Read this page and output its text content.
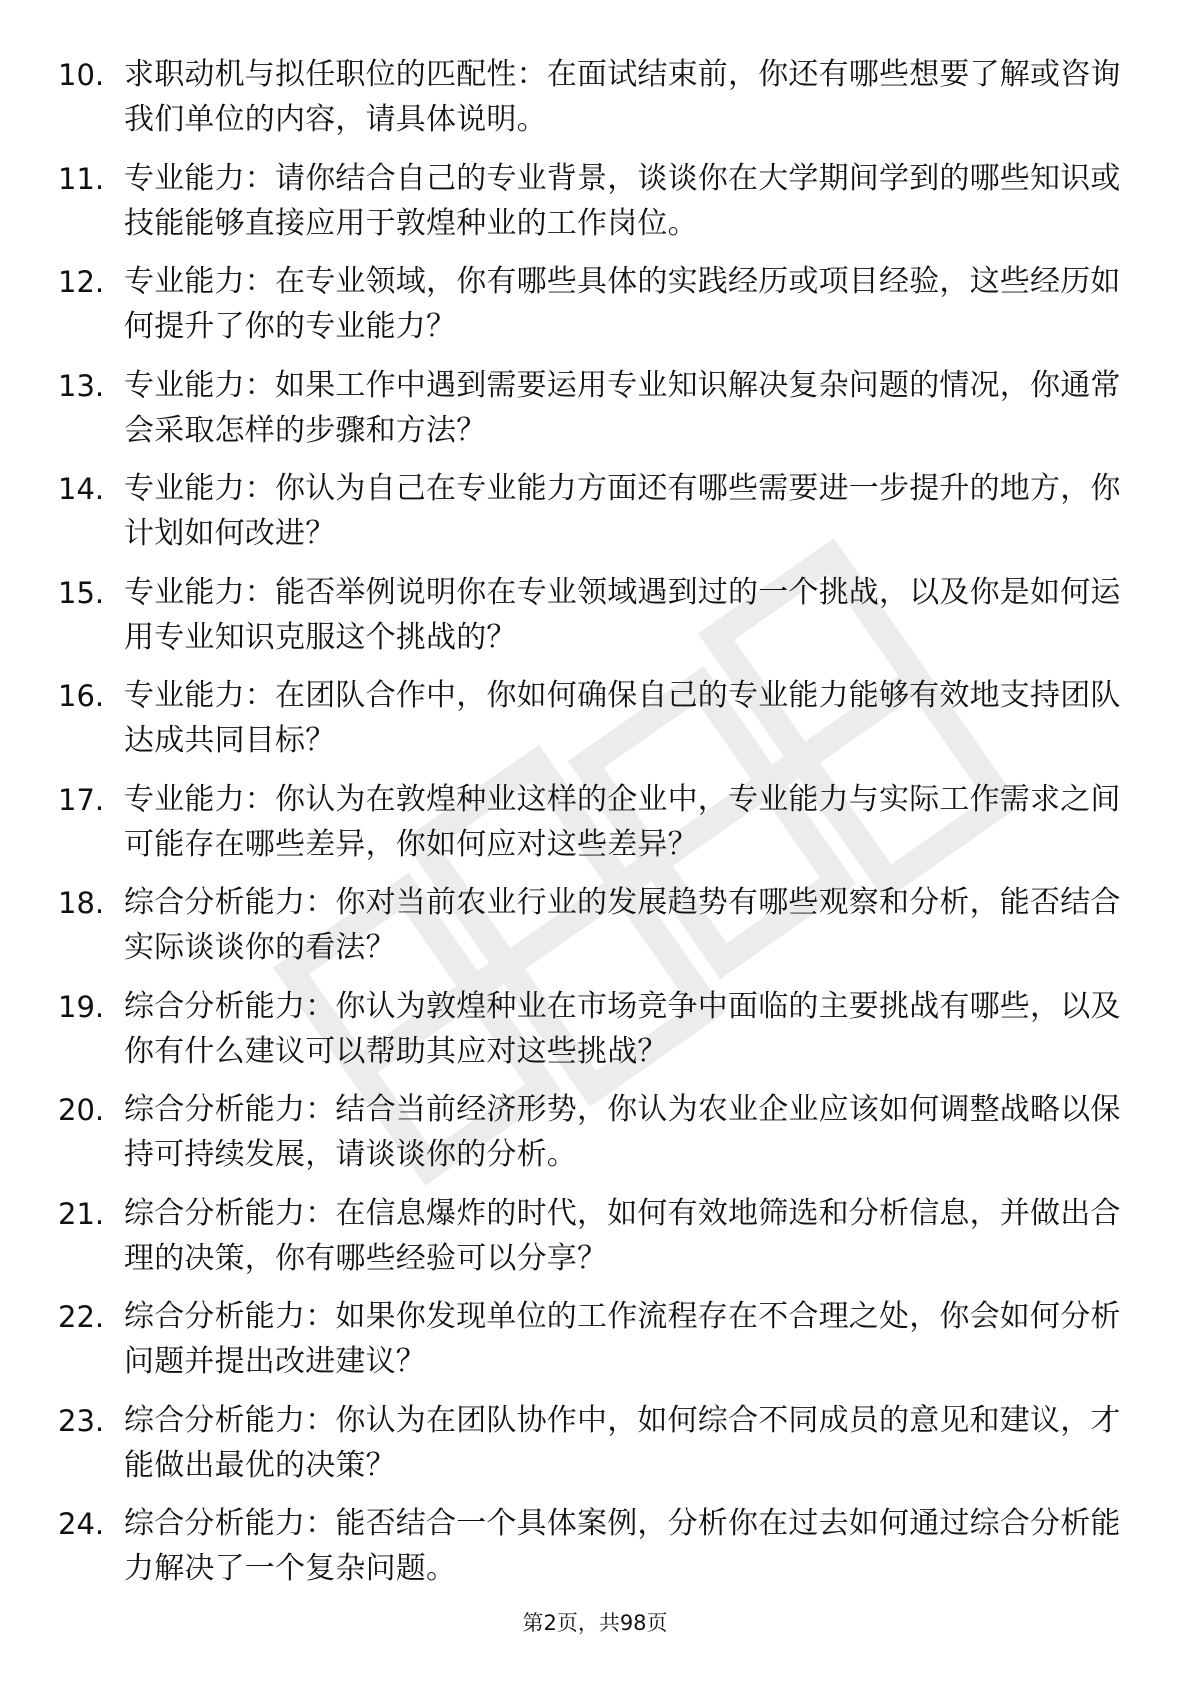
10. 求职动机与拟任职位的匹配性：在面试结束前，你还有哪些想要了解或咨询我们单位的内容，请具体说明。
11. 专业能力：请你结合自己的专业背景，谈谈你在大学期间学到的哪些知识或技能能够直接应用于敦煌种业的工作岗位。
12. 专业能力：在专业领域，你有哪些具体的实践经历或项目经验，这些经历如何提升了你的专业能力？
13. 专业能力：如果工作中遇到需要运用专业知识解决复杂问题的情况，你通常会采取怎样的步骤和方法？
14. 专业能力：你认为自己在专业能力方面还有哪些需要进一步提升的地方，你计划如何改进？
15. 专业能力：能否举例说明你在专业领域遇到过的一个挑战，以及你是如何运用专业知识克服这个挑战的？
16. 专业能力：在团队合作中，你如何确保自己的专业能力能够有效地支持团队达成共同目标？
17. 专业能力：你认为在敦煌种业这样的企业中，专业能力与实际工作需求之间可能存在哪些差异，你如何应对这些差异？
18. 综合分析能力：你对当前农业行业的发展趋势有哪些观察和分析，能否结合实际谈谈你的看法？
19. 综合分析能力：你认为敦煌种业在市场竞争中面临的主要挑战有哪些，以及你有什么建议可以帮助其应对这些挑战？
20. 综合分析能力：结合当前经济形势，你认为农业企业应该如何调整战略以保持可持续发展，请谈谈你的分析。
21. 综合分析能力：在信息爆炸的时代，如何有效地筛选和分析信息，并做出合理的决策，你有哪些经验可以分享？
22. 综合分析能力：如果你发现单位的工作流程存在不合理之处，你会如何分析问题并提出改进建议？
23. 综合分析能力：你认为在团队协作中，如何综合不同成员的意见和建议，才能做出最优的决策？
24. 综合分析能力：能否结合一个具体案例，分析你在过去如何通过综合分析能力解决了一个复杂问题。
第2页，共98页
